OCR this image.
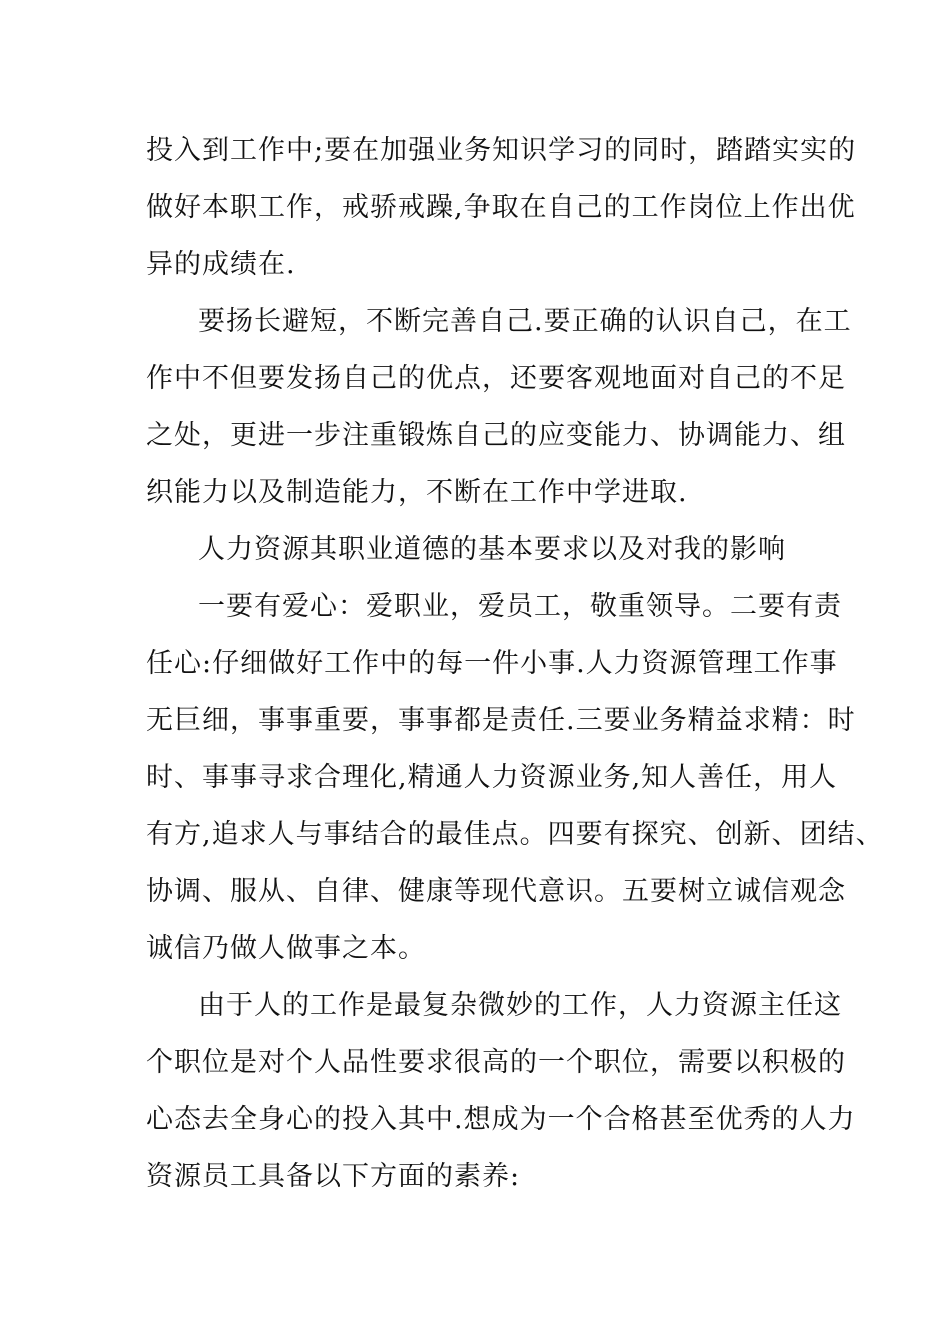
投入到工作中;要在加强业务知识学习的同时，踏踏实实的
做好本职工作，戒骄戒躁,争取在自己的工作岗位上作出优
异的成绩在.
要扬长避短，不断完善自己.要正确的认识自己，在工
作中不但要发扬自己的优点，还要客观地面对自己的不足
之处，更进一步注重锻炼自己的应变能力、协调能力、组
织能力以及制造能力，不断在工作中学进取.
人力资源其职业道德的基本要求以及对我的影响
一要有爱心：爱职业，爱员工，敬重领导。二要有责
任心:仔细做好工作中的每一件小事.人力资源管理工作事
无巨细，事事重要，事事都是责任.三要业务精益求精：时
时、事事寻求合理化,精通人力资源业务,知人善任，用人
有方,追求人与事结合的最佳点。四要有探究、创新、团结、
协调、服从、自律、健康等现代意识。五要树立诚信观念
诚信乃做人做事之本。
由于人的工作是最复杂微妙的工作，人力资源主任这
个职位是对个人品性要求很高的一个职位，需要以积极的
心态去全身心的投入其中.想成为一个合格甚至优秀的人力
资源员工具备以下方面的素养:
